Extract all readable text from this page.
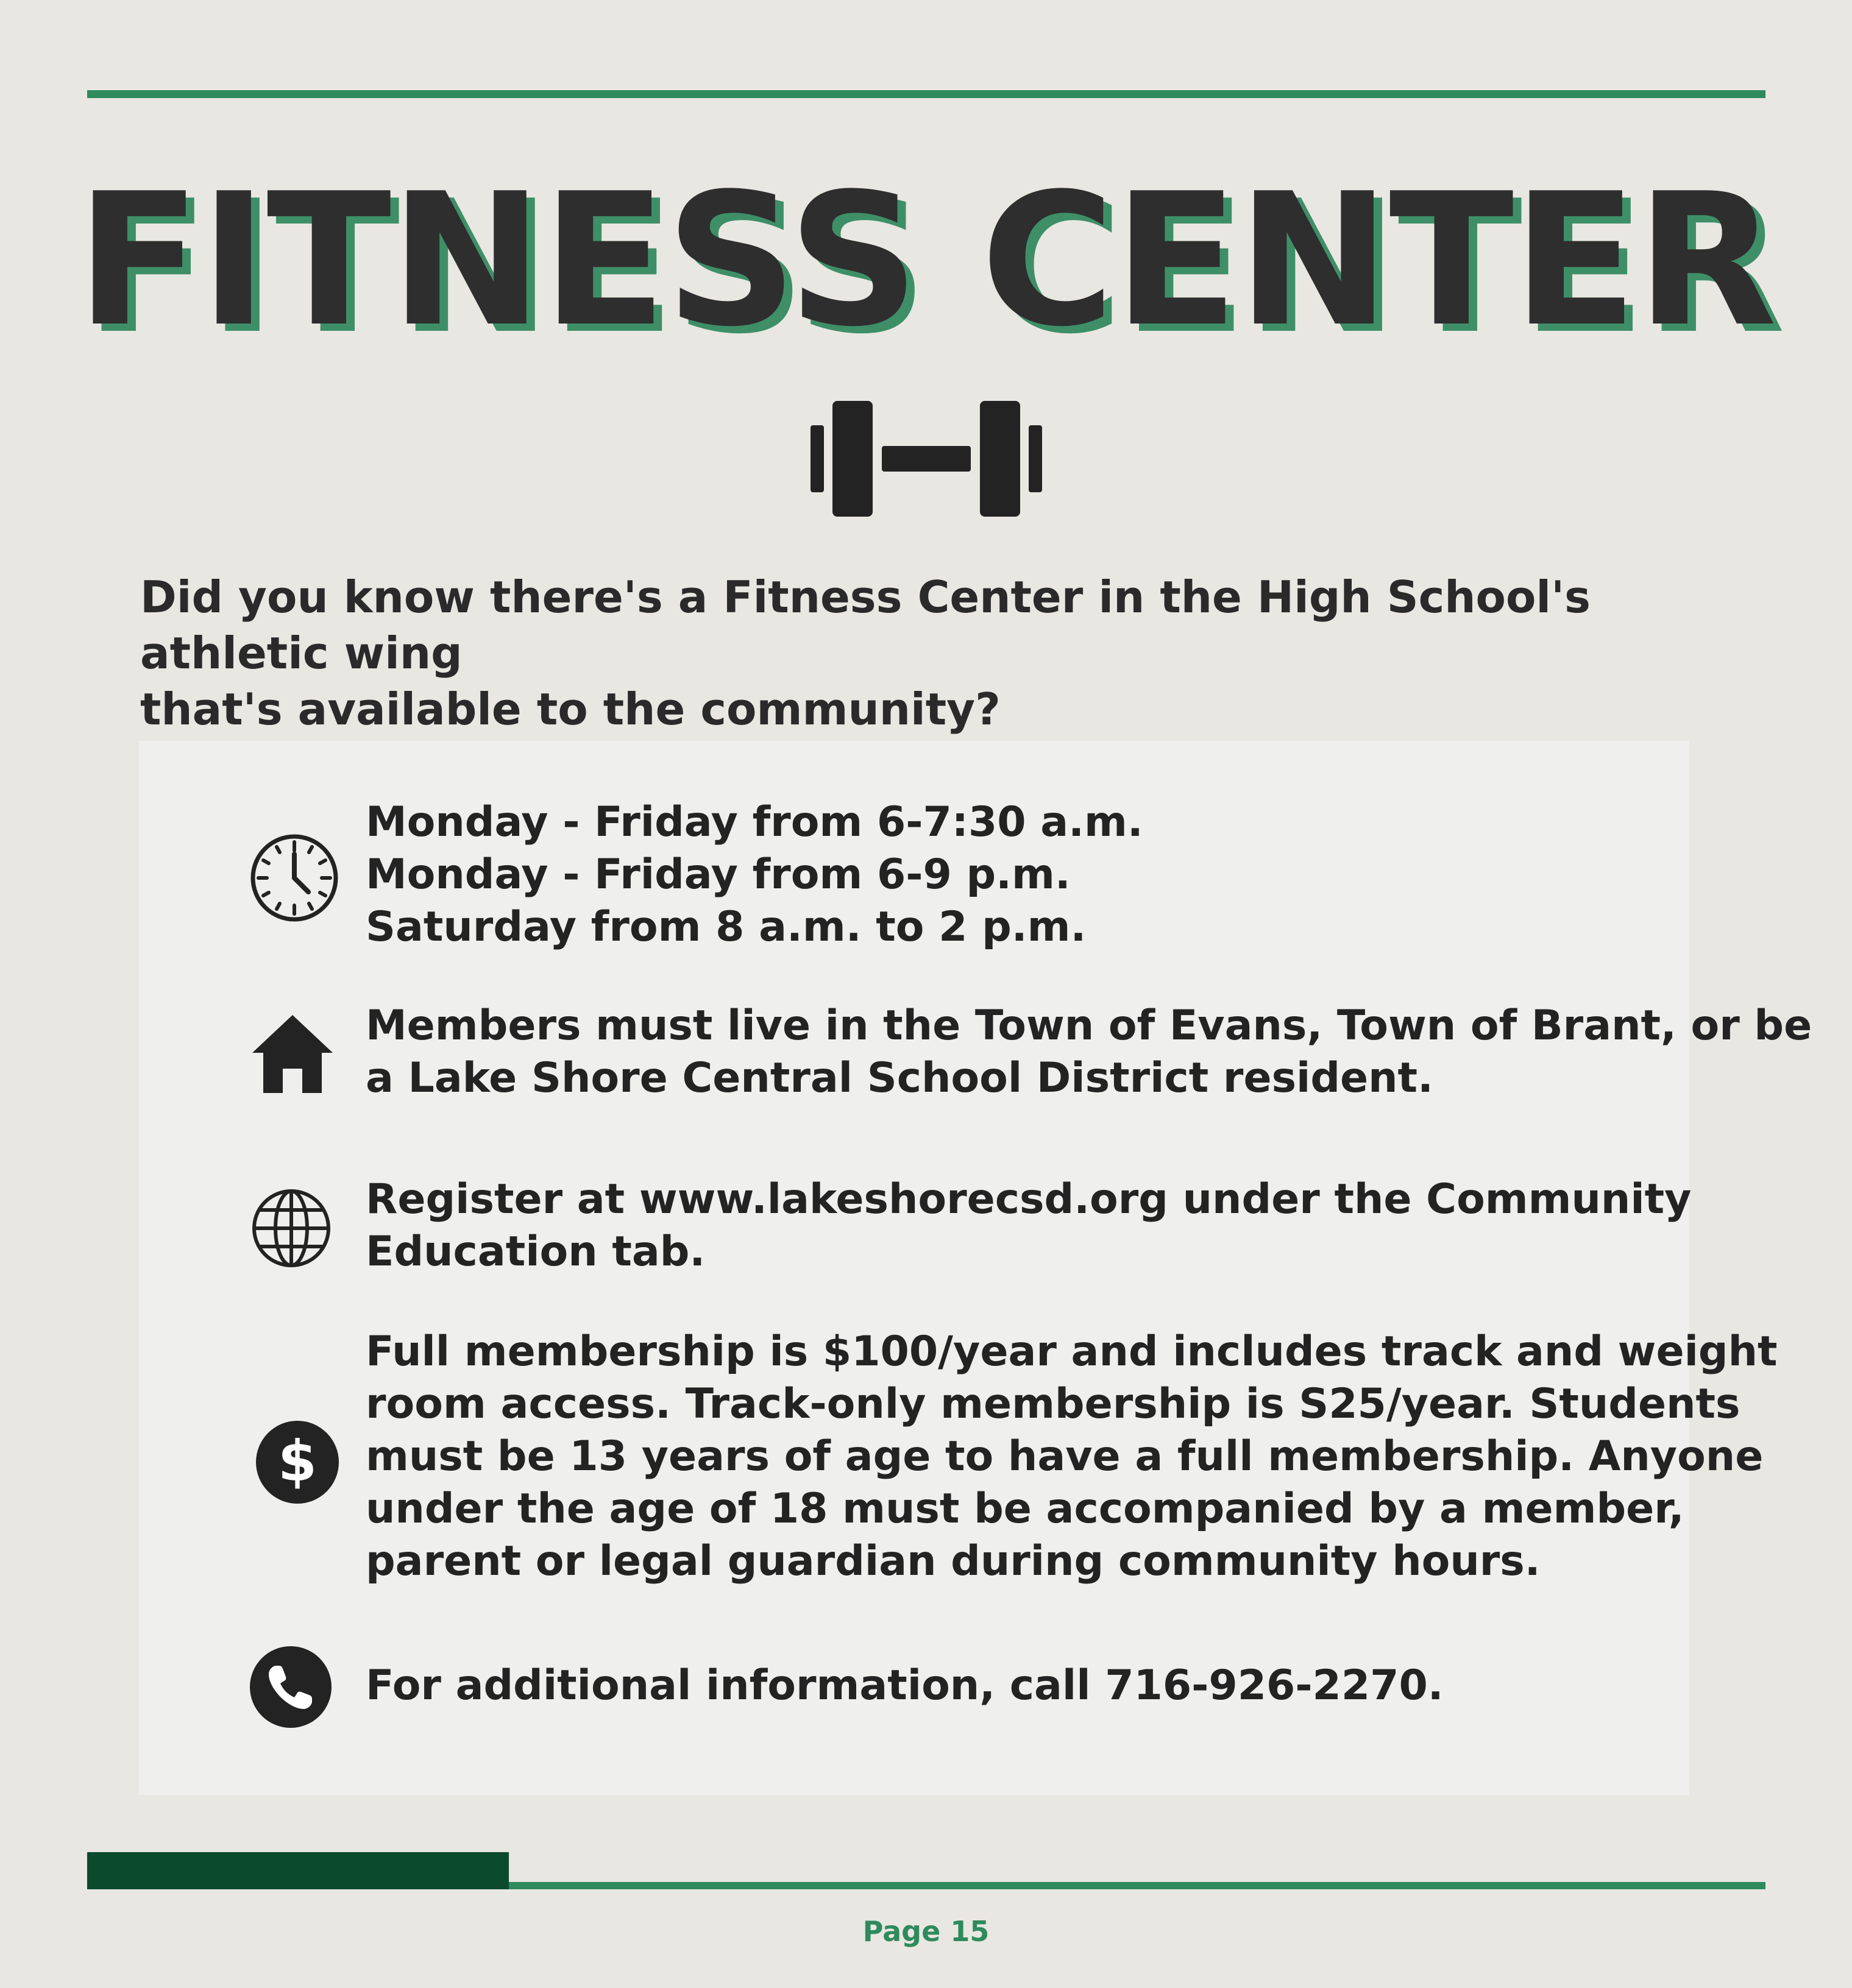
FITNESS CENTER
Did you know there's a Fitness Center in the High School's athletic wing
that's available to the community?
Monday - Friday from 6-7:30 a.m.
Monday - Friday from 6-9 p.m.
Saturday from 8 a.m. to 2 p.m.
Members must live in the Town of Evans, Town of Brant, or be
a Lake Shore Central School District resident.
Register at www.lakeshorecsd.org under the Community
Education tab.
$
Full membership is $100/year and includes track and weight
room access. Track-only membership is S25/year. Students
must be 13 years of age to have a full membership. Anyone
under the age of 18 must be accompanied by a member,
parent or legal guardian during community hours.
For additional information, call 716-926-2270.
Page 15
